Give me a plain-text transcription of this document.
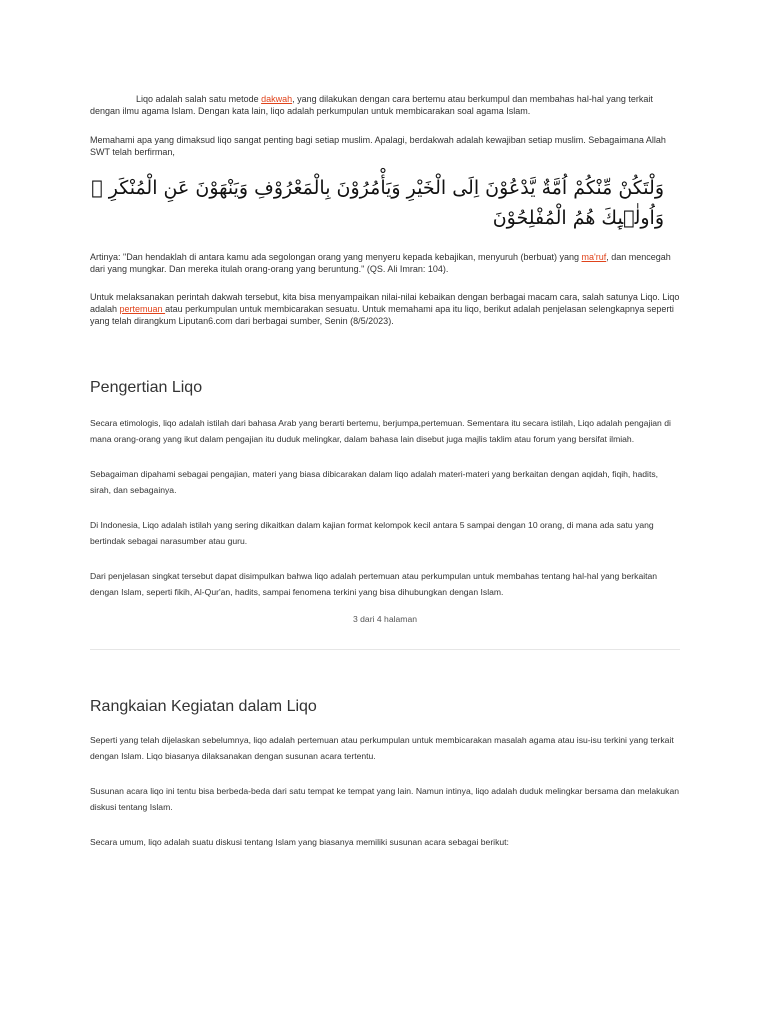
Liqo adalah salah satu metode dakwah, yang dilakukan dengan cara bertemu atau berkumpul dan membahas hal-hal yang terkait dengan ilmu agama Islam. Dengan kata lain, liqo adalah perkumpulan untuk membicarakan soal agama Islam.

Memahami apa yang dimaksud liqo sangat penting bagi setiap muslim. Apalagi, berdakwah adalah kewajiban setiap muslim. Sebagaimana Allah SWT telah berfirman,

وَلْتَكُنْ مِّنْكُمْ اُمَّةٌ يَّدْعُوْنَ اِلَى الْخَيْرِ وَيَأْمُرُوْنَ بِالْمَعْرُوْفِ وَيَنْهَوْنَ عَنِ الْمُنْكَرِ ۗ وَاُولٰۤىِٕكَ هُمُ الْمُفْلِحُوْنَ

Artinya: "Dan hendaklah di antara kamu ada segolongan orang yang menyeru kepada kebajikan, menyuruh (berbuat) yang ma'ruf, dan mencegah dari yang mungkar. Dan mereka itulah orang-orang yang beruntung." (QS. Ali Imran: 104).

Untuk melaksanakan perintah dakwah tersebut, kita bisa menyampaikan nilai-nilai kebaikan dengan berbagai macam cara, salah satunya Liqo. Liqo adalah pertemuan atau perkumpulan untuk membicarakan sesuatu. Untuk memahami apa itu liqo, berikut adalah penjelasan selengkapnya seperti yang telah dirangkum Liputan6.com dari berbagai sumber, Senin (8/5/2023).

Pengertian Liqo

Secara etimologis, liqo adalah istilah dari bahasa Arab yang berarti bertemu, berjumpa,pertemuan. Sementara itu secara istilah, Liqo adalah pengajian di mana orang-orang yang ikut dalam pengajian itu duduk melingkar, dalam bahasa lain disebut juga majlis taklim atau forum yang bersifat ilmiah.

Sebagaiman dipahami sebagai pengajian, materi yang biasa dibicarakan dalam liqo adalah materi-materi yang berkaitan dengan aqidah, fiqih, hadits, sirah, dan sebagainya.

Di Indonesia, Liqo adalah istilah yang sering dikaitkan dalam kajian format kelompok kecil antara 5 sampai dengan 10 orang, di mana ada satu yang bertindak sebagai narasumber atau guru.

Dari penjelasan singkat tersebut dapat disimpulkan bahwa liqo adalah pertemuan atau perkumpulan untuk membahas tentang hal-hal yang berkaitan dengan Islam, seperti fikih, Al-Qur'an, hadits, sampai fenomena terkini yang bisa dihubungkan dengan Islam.

3 dari 4 halaman
Rangkaian Kegiatan dalam Liqo

Seperti yang telah dijelaskan sebelumnya, liqo adalah pertemuan atau perkumpulan untuk membicarakan masalah agama atau isu-isu terkini yang terkait dengan Islam. Liqo biasanya dilaksanakan dengan susunan acara tertentu.

Susunan acara liqo ini tentu bisa berbeda-beda dari satu tempat ke tempat yang lain. Namun intinya, liqo adalah duduk melingkar bersama dan melakukan diskusi tentang Islam.

Secara umum, liqo adalah suatu diskusi tentang Islam yang biasanya memiliki susunan acara sebagai berikut:
